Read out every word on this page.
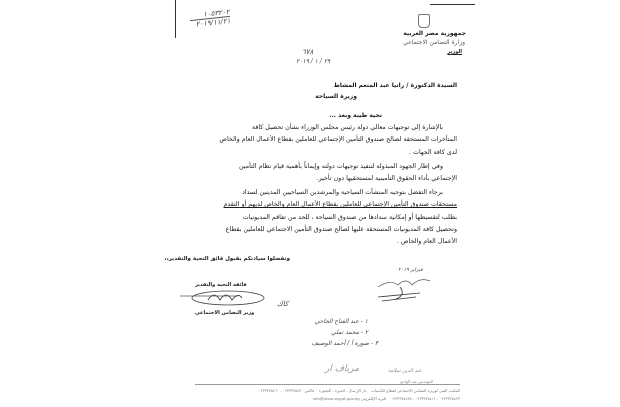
١٠٥٣٢٠٢
٢٠١٩/١١/٢١
جمهورية مصر العربية
وزارة التضامن الاجتماعي
الوزير
٦٧٨
٢٩ / ١ / ٢٠١٩
السيدة الدكتورة / رانيا عبد المنعم المشاط
وزيرة السياحة
تحية طيبة وبعد ...
بالإشارة إلى توجيهات معالي دولة رئيس مجلس الوزراء بشأن تحصيل كافة
المتأخرات المستحقة لصالح صندوق التأمين الإجتماعي للعاملين بقطاع الأعمال العام والخاص
لدى كافة الجهات .
وفي إطار الجهود المبذولة لتنفيذ توجيهات دولته وإيماناً بأهمية قيام نظام التأمين
الإجتماعي بأداء الحقوق التأمينية لمستحقيها دون تأخير.
برجاء التفضل بتوجيه المنشآت السياحية والمرشدين السياحيين المدينين لسداد
مستحقات صندوق التأمين الإجتماعي للعاملين بقطاع الأعمال العام والخاص لديهم أو التقدم
بطلب لتقسيطها أو إمكانية سدادها من صندوق السياحة ، للحد من تفاقم المديونيات
وتحصيل كافة المديونيات المستحقة عليها لصالح صندوق التأمين الاجتماعي للعاملين بقطاع
الأعمال العام والخاص .
وتفضلوا سيادتكم بقبول فائق التحية والتقدير،،
فائقة التحية والتقدير
كاك
وزير التضامن الاجتماعي
فبراير ٢٠١٩
١ - عبد الفتاح الجاحي
٢ - محمد تملي
٣ - صورة أ / أحمد الوصيف
مرياف ار	عبد الدين سلامة
المهندس عبد الهادي
المكتب الفني لوزيرة التضامن الاجتماعي لقطاع التأمينات    دار الإرسال - الجيزة - العجوزة    فاكس ٠٢٣٣٣٧٥٤٧٠ - ٠٢٣٣٣٧٥٤٦٠
٠٢٣٣٣٧٥٤٢٣ - ٠٢٣٣٣٧٥٤١١ - ٠٢٣٣٣٧٥٤٣٥    البريد الإلكتروني info@moss-egypt.gov.eg
